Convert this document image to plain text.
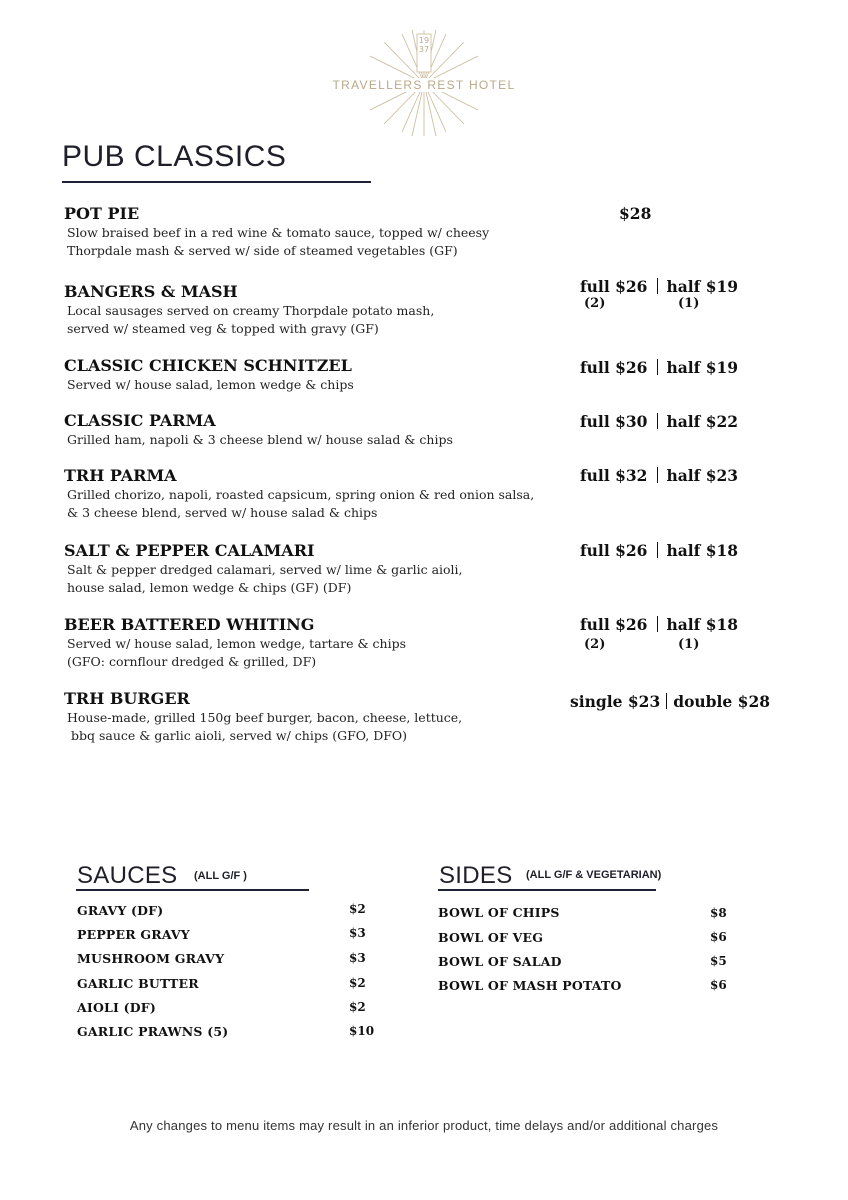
1937
TRAVELLERS REST HOTEL
PUB CLASSICS
POT PIE
Slow braised beef in a red wine & tomato sauce, topped w/ cheesy
Thorpdale mash & served w/ side of steamed vegetables (GF)
$28
BANGERS & MASH
Local sausages served on creamy Thorpdale potato mash,
served w/ steamed veg & topped with gravy (GF)
full $26 half $19
(2)	(1)
CLASSIC CHICKEN SCHNITZEL
Served w/ house salad, lemon wedge & chips
full $26 half $19
CLASSIC PARMA
Grilled ham, napoli & 3 cheese blend w/ house salad & chips
full $30 half $22
TRH PARMA
Grilled chorizo, napoli, roasted capsicum, spring onion & red onion salsa,
& 3 cheese blend, served w/ house salad & chips
full $32 half $23
SALT & PEPPER CALAMARI
Salt & pepper dredged calamari, served w/ lime & garlic aioli,
house salad, lemon wedge & chips (GF) (DF)
full $26 half $18
BEER BATTERED WHITING
Served w/ house salad, lemon wedge, tartare & chips
(GFO: cornflour dredged & grilled, DF)
full $26 half $18
(2)	(1)
TRH BURGER
House-made, grilled 150g beef burger, bacon, cheese, lettuce,
bbq sauce & garlic aioli, served w/ chips (GFO, DFO)
single $23 double $28
SAUCES (ALL G/F )
GRAVY (DF)	$2
PEPPER GRAVY	$3
MUSHROOM GRAVY	$3
GARLIC BUTTER	$2
AIOLI (DF)	$2
GARLIC PRAWNS (5)	$10
SIDES (ALL G/F & VEGETARIAN)
BOWL OF CHIPS	$8
BOWL OF VEG	$6
BOWL OF SALAD	$5
BOWL OF MASH POTATO	$6
Any changes to menu items may result in an inferior product, time delays and/or additional charges
